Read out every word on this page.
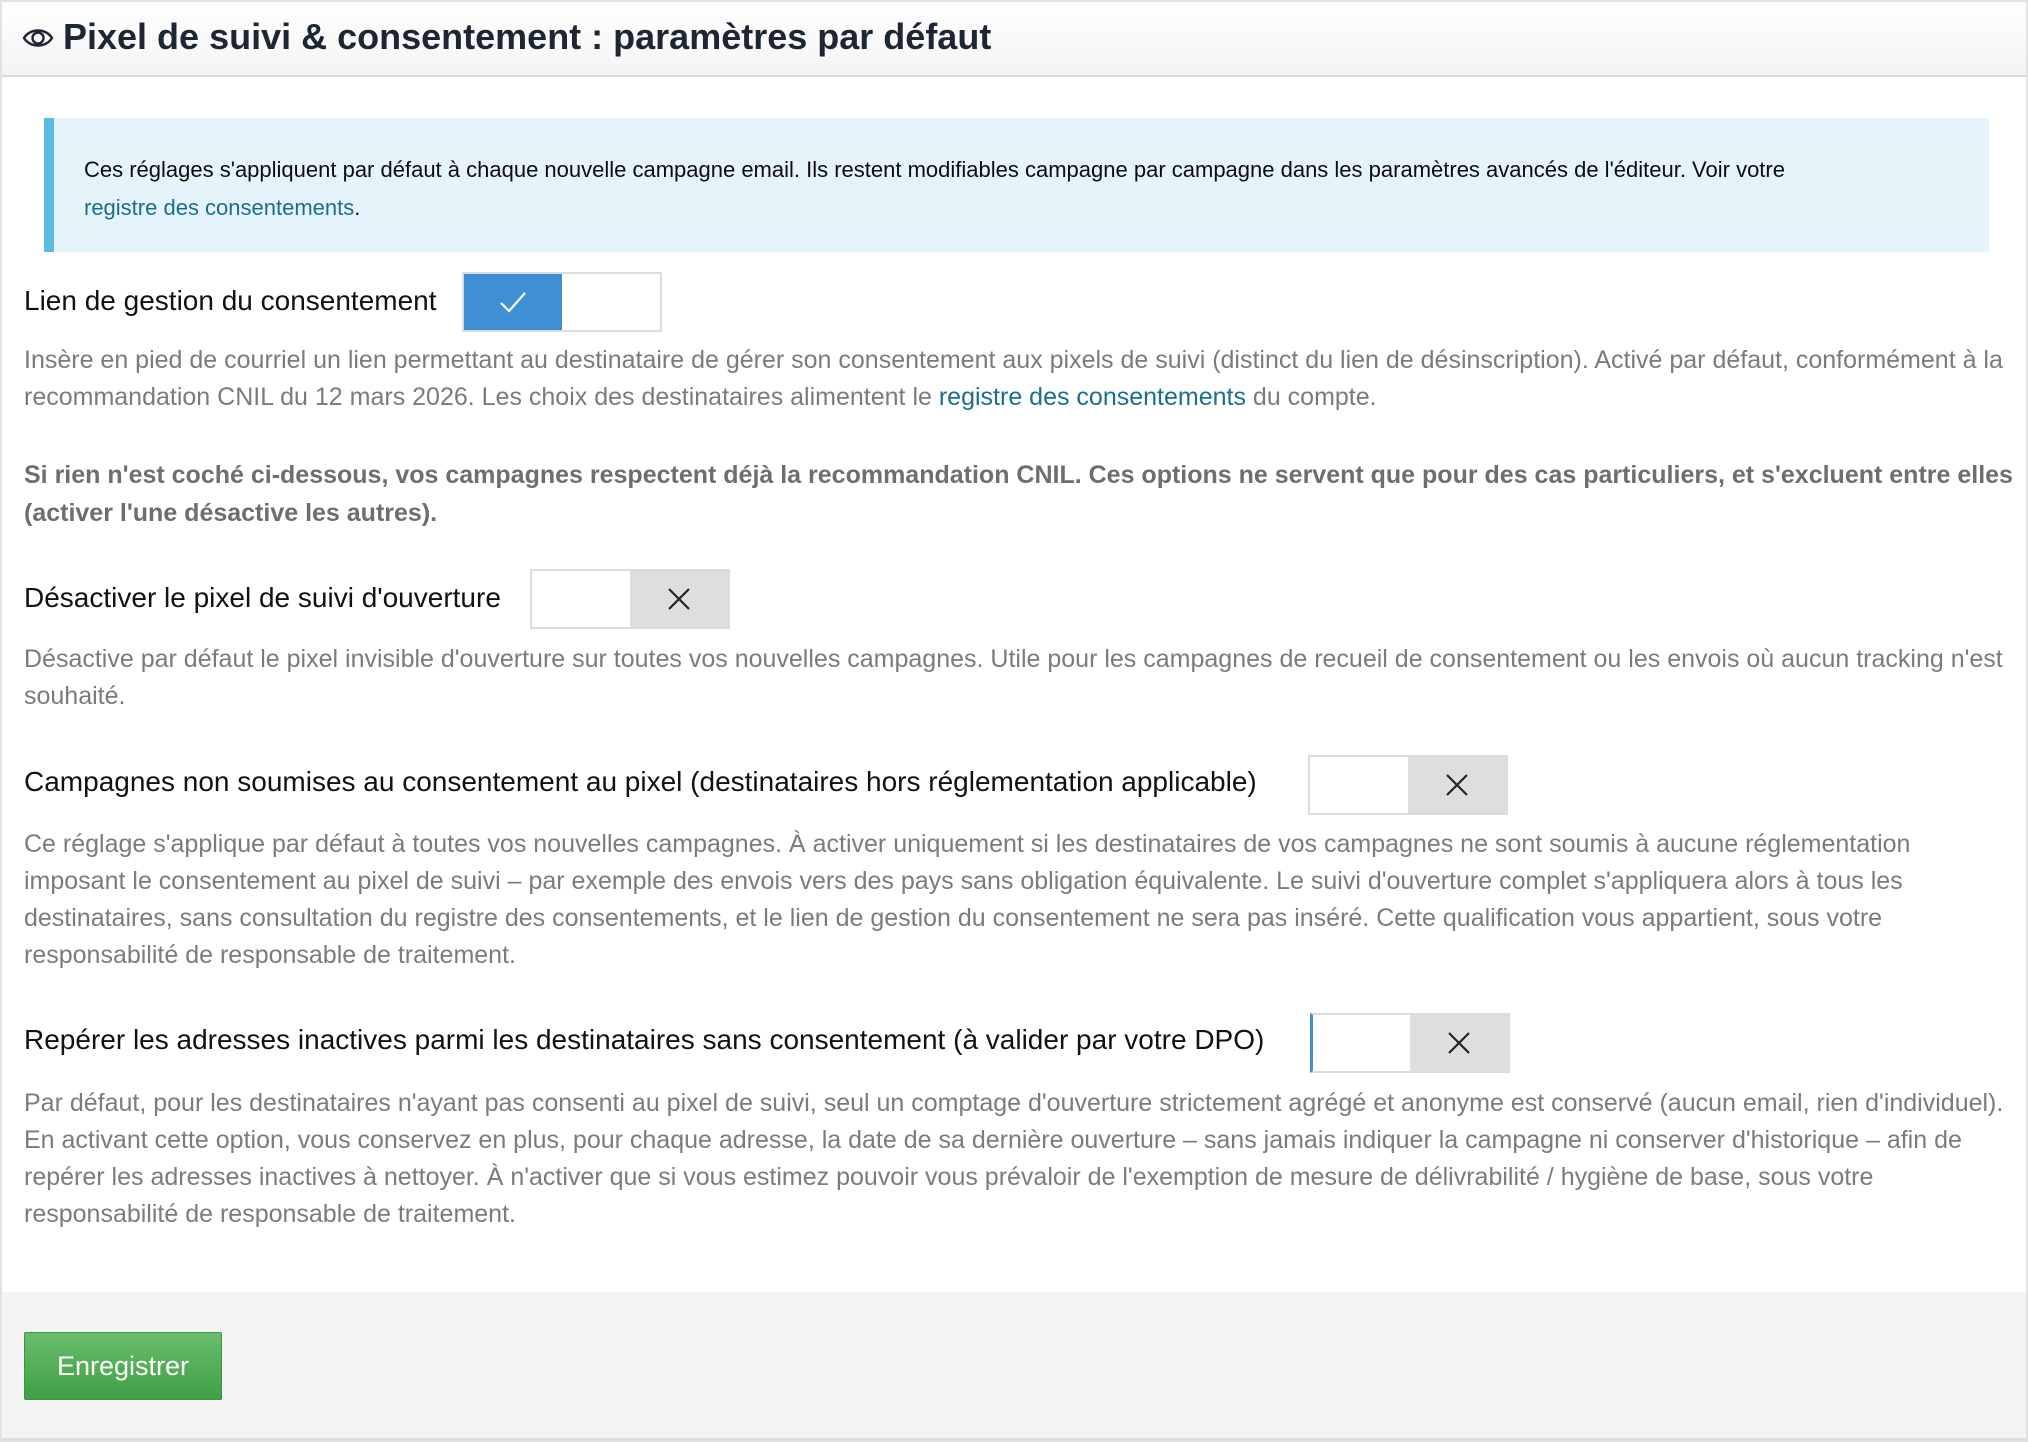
Pixel de suivi & consentement : paramètres par défaut
Ces réglages s'appliquent par défaut à chaque nouvelle campagne email. Ils restent modifiables campagne par campagne dans les paramètres avancés de l'éditeur. Voir votre
registre des consentements.
Lien de gestion du consentement
Insère en pied de courriel un lien permettant au destinataire de gérer son consentement aux pixels de suivi (distinct du lien de désinscription). Activé par défaut, conformément à la recommandation CNIL du 12 mars 2026. Les choix des destinataires alimentent le registre des consentements du compte.
Si rien n'est coché ci-dessous, vos campagnes respectent déjà la recommandation CNIL. Ces options ne servent que pour des cas particuliers, et s'excluent entre elles (activer l'une désactive les autres).
Désactiver le pixel de suivi d'ouverture
Désactive par défaut le pixel invisible d'ouverture sur toutes vos nouvelles campagnes. Utile pour les campagnes de recueil de consentement ou les envois où aucun tracking n'est souhaité.
Campagnes non soumises au consentement au pixel (destinataires hors réglementation applicable)
Ce réglage s'applique par défaut à toutes vos nouvelles campagnes. À activer uniquement si les destinataires de vos campagnes ne sont soumis à aucune réglementation imposant le consentement au pixel de suivi – par exemple des envois vers des pays sans obligation équivalente. Le suivi d'ouverture complet s'appliquera alors à tous les destinataires, sans consultation du registre des consentements, et le lien de gestion du consentement ne sera pas inséré. Cette qualification vous appartient, sous votre responsabilité de responsable de traitement.
Repérer les adresses inactives parmi les destinataires sans consentement (à valider par votre DPO)
Par défaut, pour les destinataires n'ayant pas consenti au pixel de suivi, seul un comptage d'ouverture strictement agrégé et anonyme est conservé (aucun email, rien d'individuel). En activant cette option, vous conservez en plus, pour chaque adresse, la date de sa dernière ouverture – sans jamais indiquer la campagne ni conserver d'historique – afin de repérer les adresses inactives à nettoyer. À n'activer que si vous estimez pouvoir vous prévaloir de l'exemption de mesure de délivrabilité / hygiène de base, sous votre responsabilité de responsable de traitement.
Enregistrer
